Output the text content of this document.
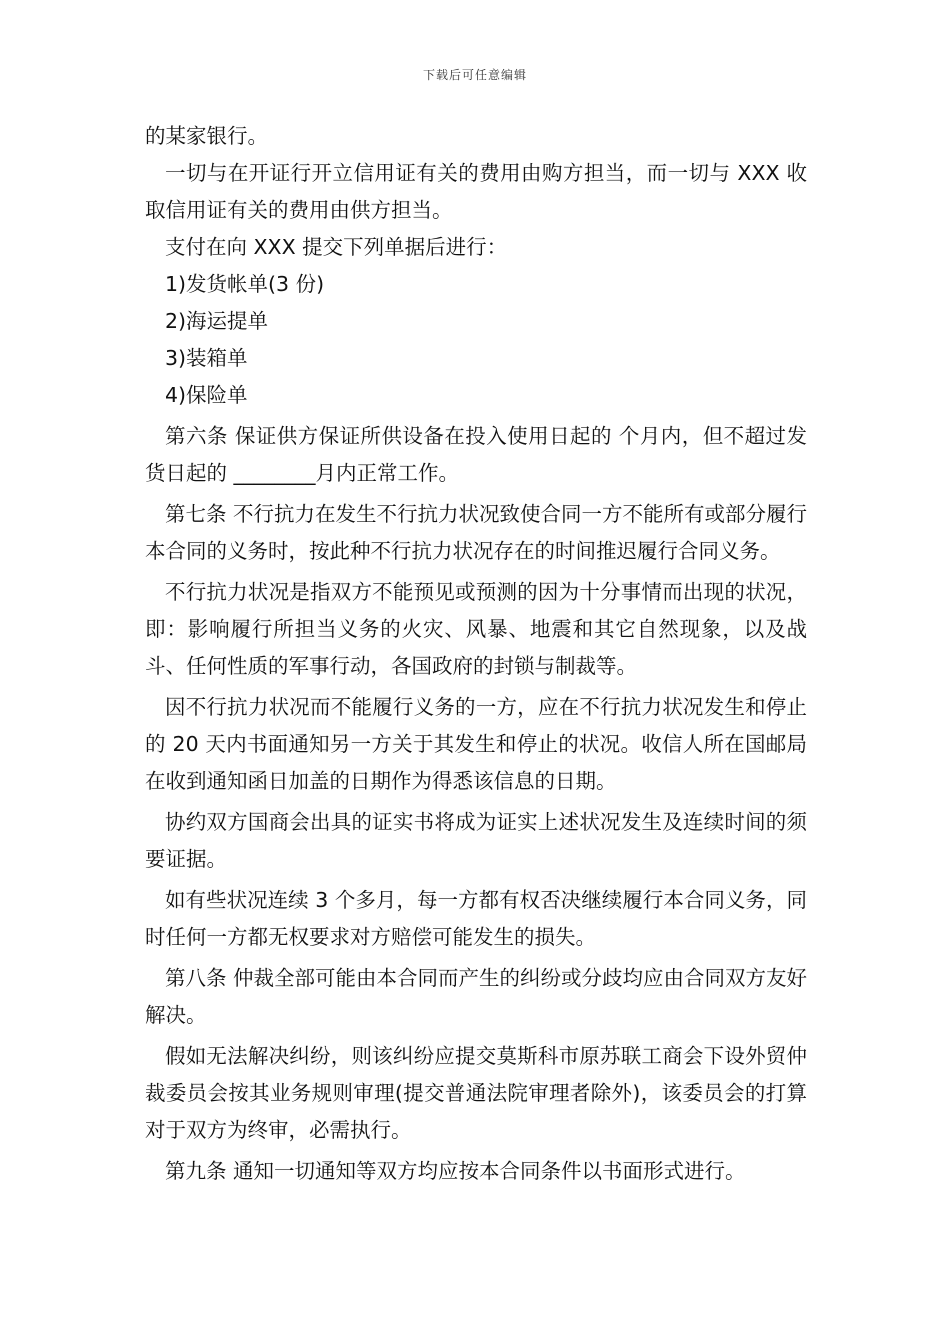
下载后可任意编辑

的某家银行。

一切与在开证行开立信用证有关的费用由购方担当，而一切与 XXX 收取信用证有关的费用由供方担当。

支付在向 XXX 提交下列单据后进行：

1)发货帐单(3 份)

2)海运提单

3)装箱单

4)保险单

第六条 保证供方保证所供设备在投入使用日起的 个月内，但不超过发货日起的 ________月内正常工作。

第七条 不行抗力在发生不行抗力状况致使合同一方不能所有或部分履行本合同的义务时，按此种不行抗力状况存在的时间推迟履行合同义务。

不行抗力状况是指双方不能预见或预测的因为十分事情而出现的状况，即：影响履行所担当义务的火灾、风暴、地震和其它自然现象，以及战斗、任何性质的军事行动，各国政府的封锁与制裁等。

因不行抗力状况而不能履行义务的一方，应在不行抗力状况发生和停止的 20 天内书面通知另一方关于其发生和停止的状况。收信人所在国邮局在收到通知函日加盖的日期作为得悉该信息的日期。

协约双方国商会出具的证实书将成为证实上述状况发生及连续时间的须要证据。

如有些状况连续 3 个多月，每一方都有权否决继续履行本合同义务，同时任何一方都无权要求对方赔偿可能发生的损失。

第八条 仲裁全部可能由本合同而产生的纠纷或分歧均应由合同双方友好解决。

假如无法解决纠纷，则该纠纷应提交莫斯科市原苏联工商会下设外贸仲裁委员会按其业务规则审理(提交普通法院审理者除外)，该委员会的打算对于双方为终审，必需执行。

第九条 通知一切通知等双方均应按本合同条件以书面形式进行。
